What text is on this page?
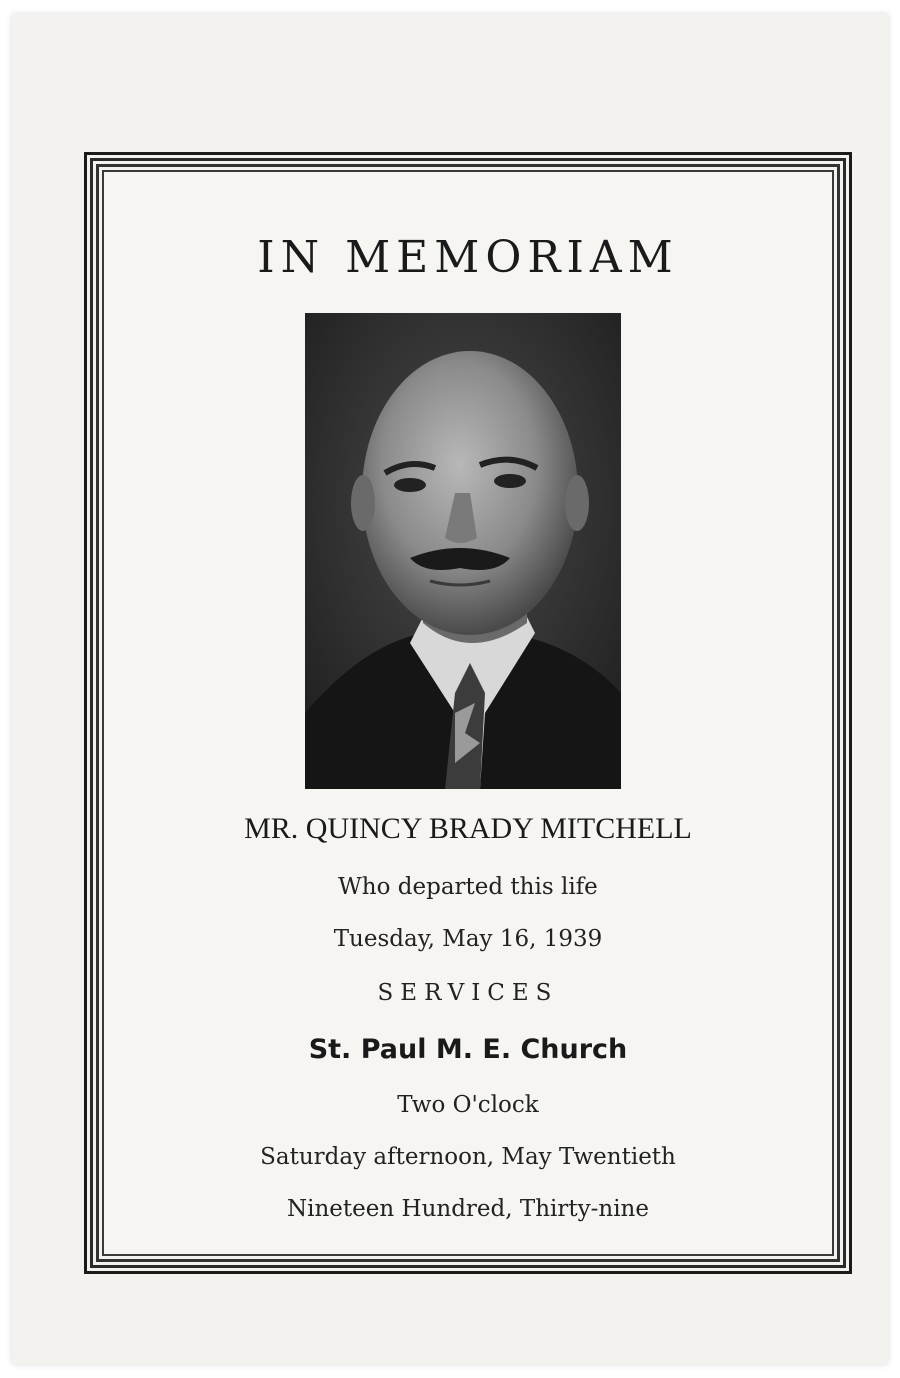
IN MEMORIAM
MR. QUINCY BRADY MITCHELL
Who departed this life
Tuesday, May 16, 1939
SERVICES
St. Paul M. E. Church
Two O'clock
Saturday afternoon, May Twentieth
Nineteen Hundred, Thirty-nine
